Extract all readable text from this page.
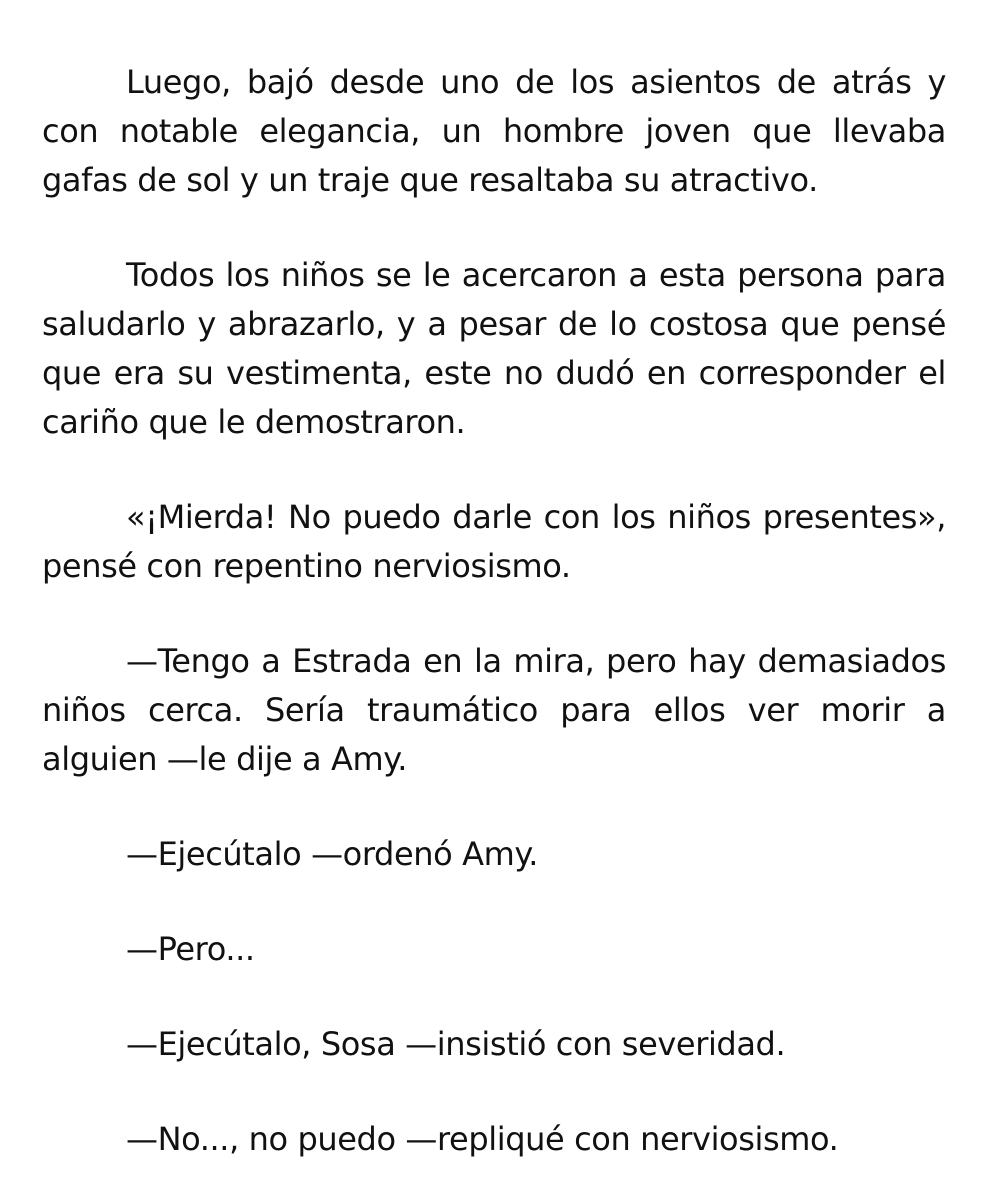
Luego, bajó desde uno de los asientos de atrás y con notable elegancia, un hombre joven que llevaba gafas de sol y un traje que resaltaba su atractivo.

Todos los niños se le acercaron a esta persona para saludarlo y abrazarlo, y a pesar de lo costosa que pensé que era su vestimenta, este no dudó en corresponder el cariño que le demostraron.

«¡Mierda! No puedo darle con los niños presentes», pensé con repentino nerviosismo.

—Tengo a Estrada en la mira, pero hay demasiados niños cerca. Sería traumático para ellos ver morir a alguien —le dije a Amy.

—Ejecútalo —ordenó Amy.

—Pero...

—Ejecútalo, Sosa —insistió con severidad.

—No..., no puedo —repliqué con nerviosismo.
